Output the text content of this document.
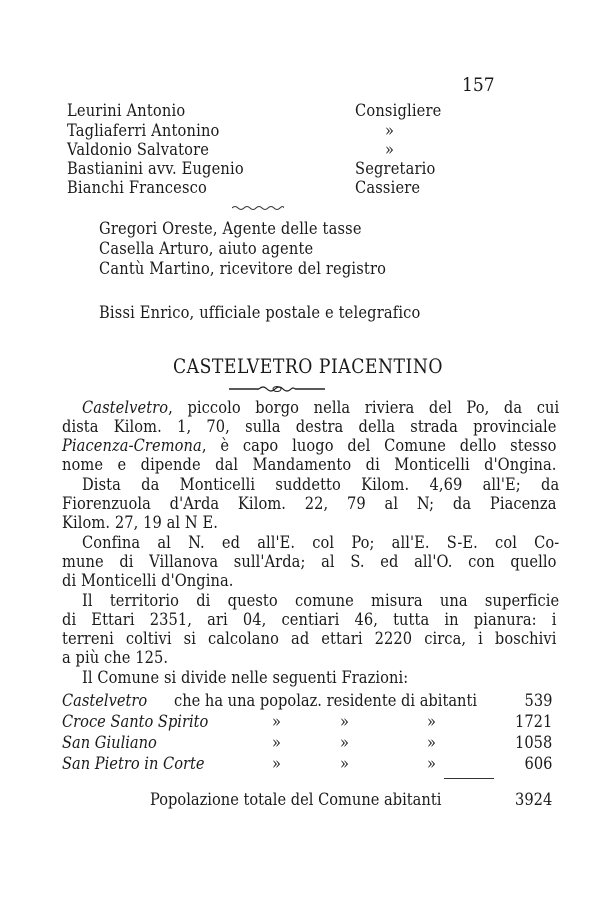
157
Leurini Antonio	Consigliere
Tagliaferri Antonino	»
Valdonio Salvatore	»
Bastianini avv. Eugenio	Segretario
Bianchi Francesco	Cassiere
Gregori Oreste, Agente delle tasse
Casella Arturo, aiuto agente
Cantù Martino, ricevitore del registro
Bissi Enrico, ufficiale postale e telegrafico
CASTELVETRO PIACENTINO
Castelvetro, piccolo borgo nella riviera del Po, da cui
dista Kilom. 1, 70, sulla destra della strada provinciale
Piacenza-Cremona, è capo luogo del Comune dello stesso
nome e dipende dal Mandamento di Monticelli d'Ongina.
Dista da Monticelli suddetto Kilom. 4,69 all'E; da
Fiorenzuola d'Arda Kilom. 22, 79 al N; da Piacenza
Kilom. 27, 19 al N E.
Confina al N. ed all'E. col Po; all'E. S-E. col Co-
mune di Villanova sull'Arda; al S. ed all'O. con quello
di Monticelli d'Ongina.
Il territorio di questo comune misura una superficie
di Ettari 2351, ari 04, centiari 46, tutta in pianura: i
terreni coltivi si calcolano ad ettari 2220 circa, i boschivi
a più che 125.
Il Comune si divide nelle seguenti Frazioni:
Castelvetro che ha una popolaz. residente di abitanti	539
Croce Santo Spirito	»	»	»	1721
San Giuliano	»	»	»	1058
San Pietro in Corte	»	»	»	606
Popolazione totale del Comune abitanti	3924
